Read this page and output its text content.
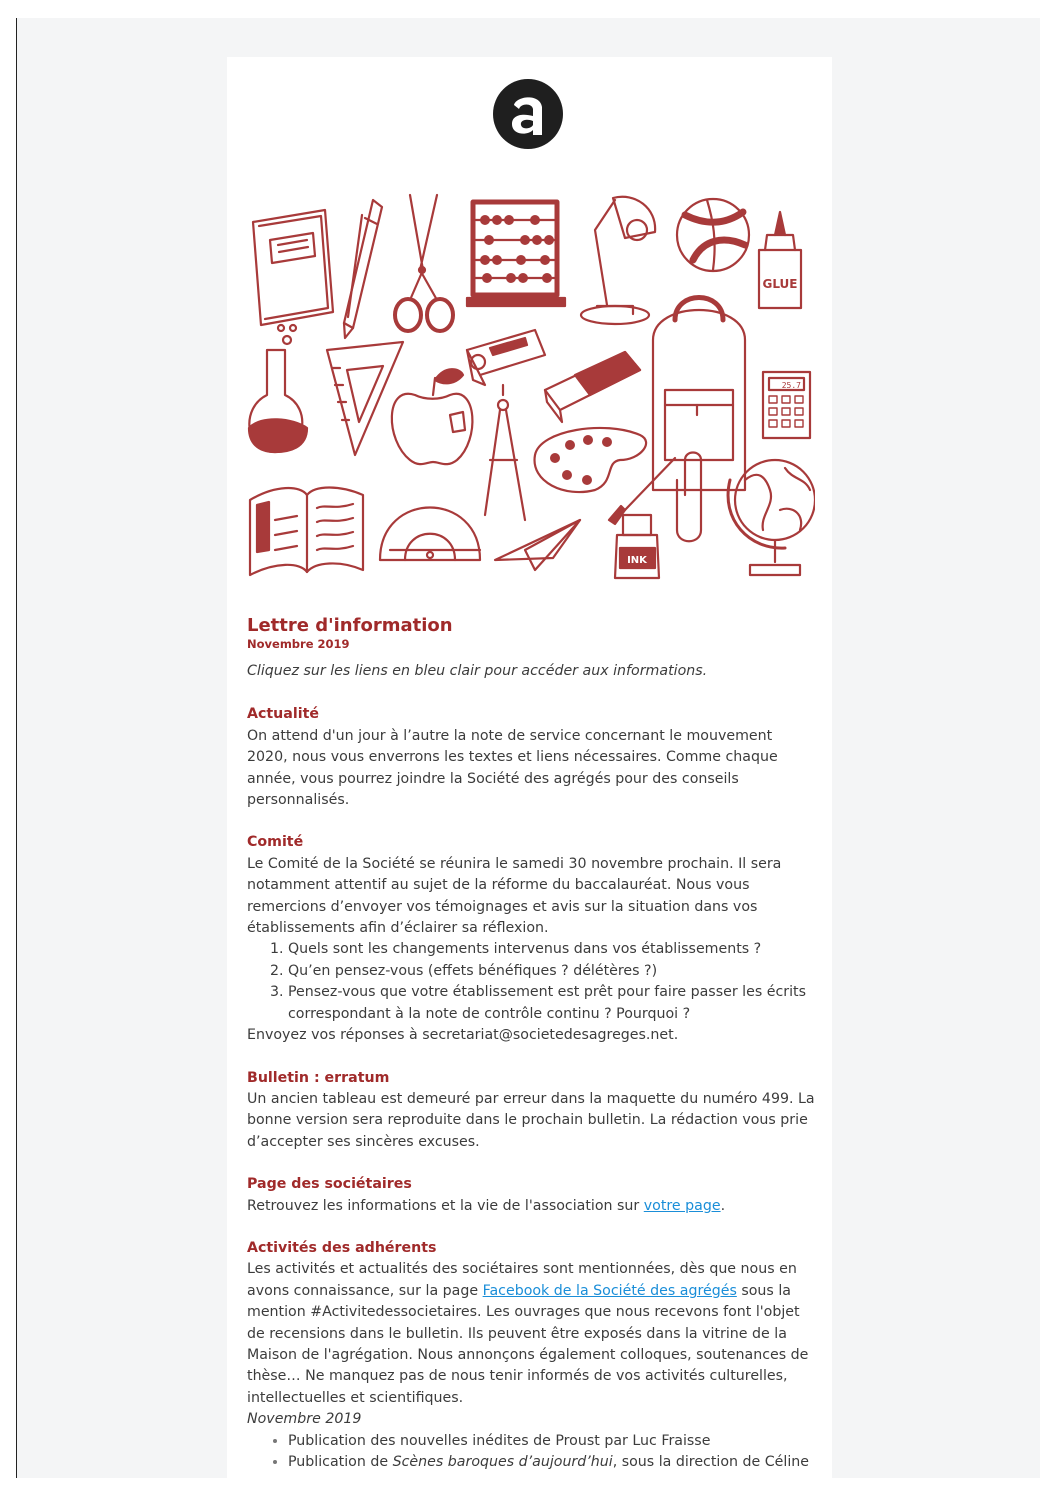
GLUE
25.7
INK
Lettre d'information

Novembre 2019

Cliquez sur les liens en bleu clair pour accéder aux informations.

Actualité

On attend d'un jour à l’autre la note de service concernant le mouvement 2020, nous vous enverrons les textes et liens nécessaires. Comme chaque année, vous pourrez joindre la Société des agrégés pour des conseils personnalisés.

Comité

Le Comité de la Société se réunira le samedi 30 novembre prochain. Il sera notamment attentif au sujet de la réforme du baccalauréat. Nous vous remercions d’envoyer vos témoignages et avis sur la situation dans vos établissements afin d’éclairer sa réflexion.

1. Quels sont les changements intervenus dans vos établissements ?
2. Qu’en pensez-vous (effets bénéfiques ? délétères ?)
3. Pensez-vous que votre établissement est prêt pour faire passer les écrits correspondant à la note de contrôle continu ? Pourquoi ?

Envoyez vos réponses à secretariat@societedesagreges.net.

Bulletin : erratum

Un ancien tableau est demeuré par erreur dans la maquette du numéro 499. La bonne version sera reproduite dans le prochain bulletin. La rédaction vous prie d’accepter ses sincères excuses.

Page des sociétaires

Retrouvez les informations et la vie de l'association sur votre page.

Activités des adhérents

Les activités et actualités des sociétaires sont mentionnées, dès que nous en avons connaissance, sur la page Facebook de la Société des agrégés sous la mention #Activitedessocietaires. Les ouvrages que nous recevons font l'objet de recensions dans le bulletin. Ils peuvent être exposés dans la vitrine de la Maison de l'agrégation. Nous annonçons également colloques, soutenances de thèse… Ne manquez pas de nous tenir informés de vos activités culturelles, intellectuelles et scientifiques.

Novembre 2019

• Publication des nouvelles inédites de Proust par Luc Fraisse
• Publication de Scènes baroques d’aujourd’hui, sous la direction de Céline
